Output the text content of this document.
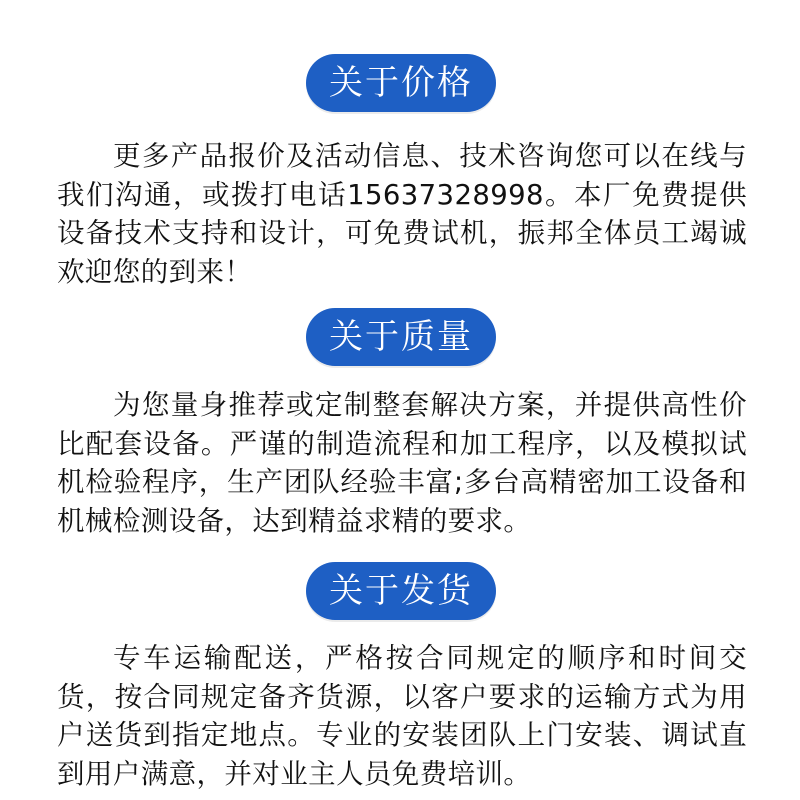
关于价格

更多产品报价及活动信息、技术咨询您可以在线与我们沟通，或拨打电话15637328998。本厂免费提供设备技术支持和设计，可免费试机，振邦全体员工竭诚欢迎您的到来！

关于质量

为您量身推荐或定制整套解决方案，并提供高性价比配套设备。严谨的制造流程和加工程序，以及模拟试机检验程序，生产团队经验丰富;多台高精密加工设备和机械检测设备，达到精益求精的要求。

关于发货

专车运输配送，严格按合同规定的顺序和时间交货，按合同规定备齐货源，以客户要求的运输方式为用户送货到指定地点。专业的安装团队上门安装、调试直到用户满意，并对业主人员免费培训。
